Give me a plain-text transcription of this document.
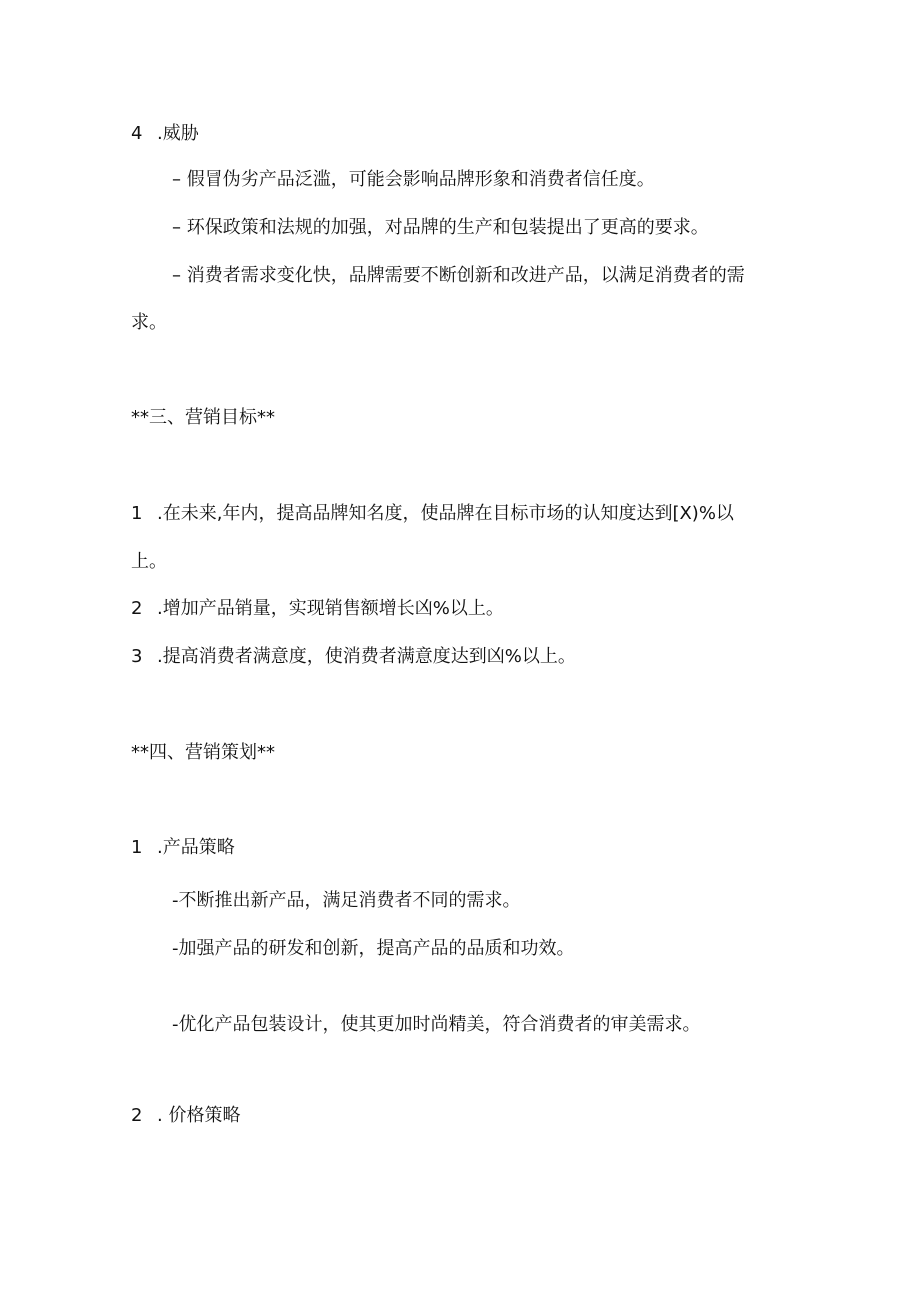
4 .威胁
– 假冒伪劣产品泛滥，可能会影响品牌形象和消费者信任度。
– 环保政策和法规的加强，对品牌的生产和包装提出了更高的要求。
– 消费者需求变化快，品牌需要不断创新和改进产品，以满足消费者的需
求。
**三、营销目标**
1 .在未来,年内，提高品牌知名度，使品牌在目标市场的认知度达到[X)%以
上。
2 .增加产品销量，实现销售额增长凶%以上。
3 .提高消费者满意度，使消费者满意度达到凶%以上。
**四、营销策划**
1 .产品策略
-不断推出新产品，满足消费者不同的需求。
-加强产品的研发和创新，提高产品的品质和功效。
-优化产品包装设计，使其更加时尚精美，符合消费者的审美需求。
2 . 价格策略
